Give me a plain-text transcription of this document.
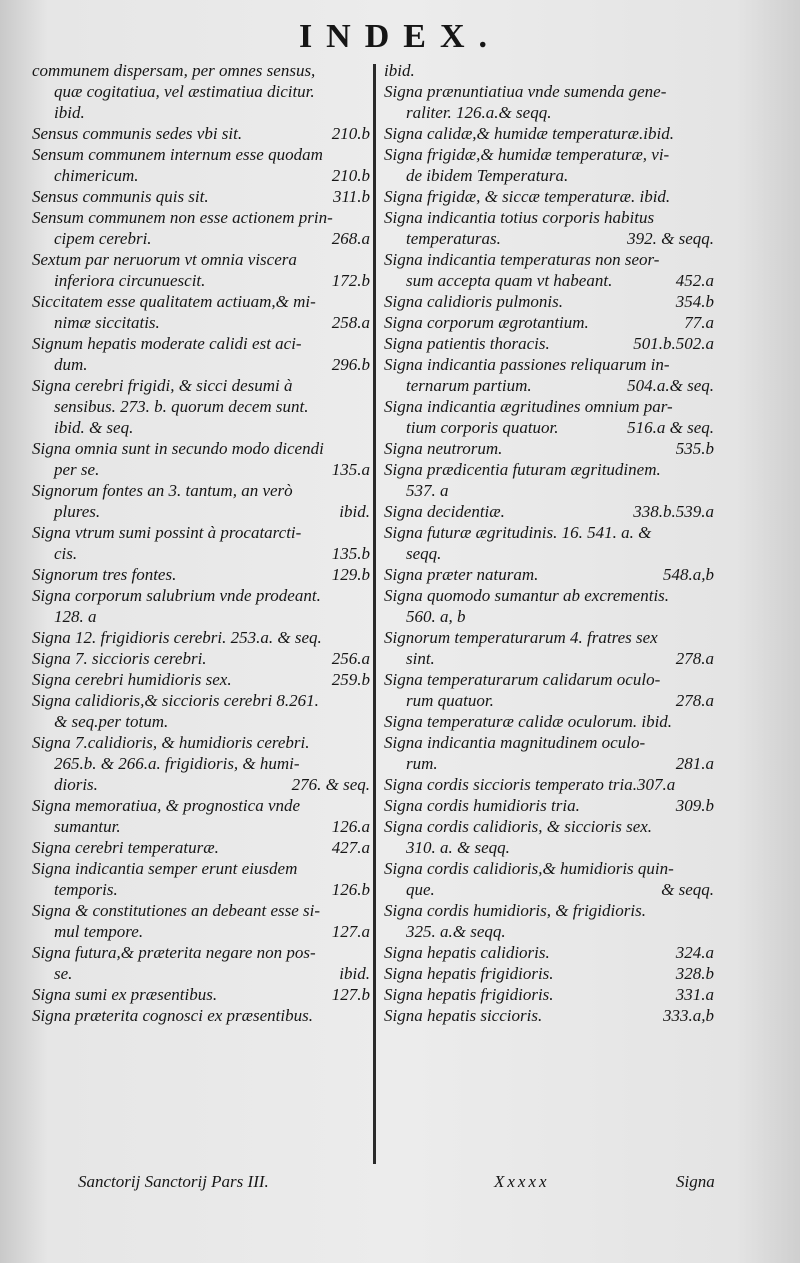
INDEX.
communem dispersam, per omnes sensus,
quæ cogitatiua, vel æstimatiua dicitur.
ibid.
Sensus communis sedes vbi sit.	210.b
Sensum communem internum esse quodam
chimericum.	210.b
Sensus communis quis sit.	311.b
Sensum communem non esse actionem prin-
cipem cerebri.	268.a
Sextum par neruorum vt omnia viscera
inferiora circunuescit.	172.b
Siccitatem esse qualitatem actiuam,& mi-
nimæ siccitatis.	258.a
Signum hepatis moderate calidi est aci-
dum.	296.b
Signa cerebri frigidi, & sicci desumi à
sensibus. 273. b. quorum decem sunt.
ibid. & seq.
Signa omnia sunt in secundo modo dicendi
per se.	135.a
Signorum fontes an 3. tantum, an verò
plures.	ibid.
Signa vtrum sumi possint à procatarcti-
cis.	135.b
Signorum tres fontes.	129.b
Signa corporum salubrium vnde prodeant.
128. a
Signa 12. frigidioris cerebri. 253.a. & seq.
Signa 7. siccioris cerebri.	256.a
Signa cerebri humidioris sex.	259.b
Signa calidioris,& siccioris cerebri 8.261.
& seq.per totum.
Signa 7.calidioris, & humidioris cerebri.
265.b. & 266.a. frigidioris, & humi-
dioris.	276. & seq.
Signa memoratiua, & prognostica vnde
sumantur.	126.a
Signa cerebri temperaturæ.	427.a
Signa indicantia semper erunt eiusdem
temporis.	126.b
Signa & constitutiones an debeant esse si-
mul tempore.	127.a
Signa futura,& præterita negare non pos-
se.	ibid.
Signa sumi ex præsentibus.	127.b
Signa præterita cognosci ex præsentibus.
ibid.
Signa prænuntiatiua vnde sumenda gene-
raliter. 126.a.& seqq.
Signa calidæ,& humidæ temperaturæ.ibid.
Signa frigidæ,& humidæ temperaturæ, vi-
de ibidem Temperatura.
Signa frigidæ, & siccæ temperaturæ. ibid.
Signa indicantia totius corporis habitus
temperaturas.	392. & seqq.
Signa indicantia temperaturas non seor-
sum accepta quam vt habeant.	452.a
Signa calidioris pulmonis.	354.b
Signa corporum ægrotantium.	77.a
Signa patientis thoracis.	501.b.502.a
Signa indicantia passiones reliquarum in-
ternarum partium.	504.a.& seq.
Signa indicantia ægritudines omnium par-
tium corporis quatuor.	516.a & seq.
Signa neutrorum.	535.b
Signa prædicentia futuram ægritudinem.
537. a
Signa decidentiæ.	338.b.539.a
Signa futuræ ægritudinis. 16. 541. a. &
seqq.
Signa præter naturam.	548.a,b
Signa quomodo sumantur ab excrementis.
560. a, b
Signorum temperaturarum 4. fratres sex
sint.	278.a
Signa temperaturarum calidarum oculo-
rum quatuor.	278.a
Signa temperaturæ calidæ oculorum. ibid.
Signa indicantia magnitudinem oculo-
rum.	281.a
Signa cordis siccioris temperato tria.307.a
Signa cordis humidioris tria.	309.b
Signa cordis calidioris, & siccioris sex.
310. a. & seqq.
Signa cordis calidioris,& humidioris quin-
que.	& seqq.
Signa cordis humidioris, & frigidioris.
325. a.& seqq.
Signa hepatis calidioris.	324.a
Signa hepatis frigidioris.	328.b
Signa hepatis frigidioris.	331.a
Signa hepatis siccioris.	333.a,b
Sanctorij Sanctorij Pars III.	Xxxxx	Signa
